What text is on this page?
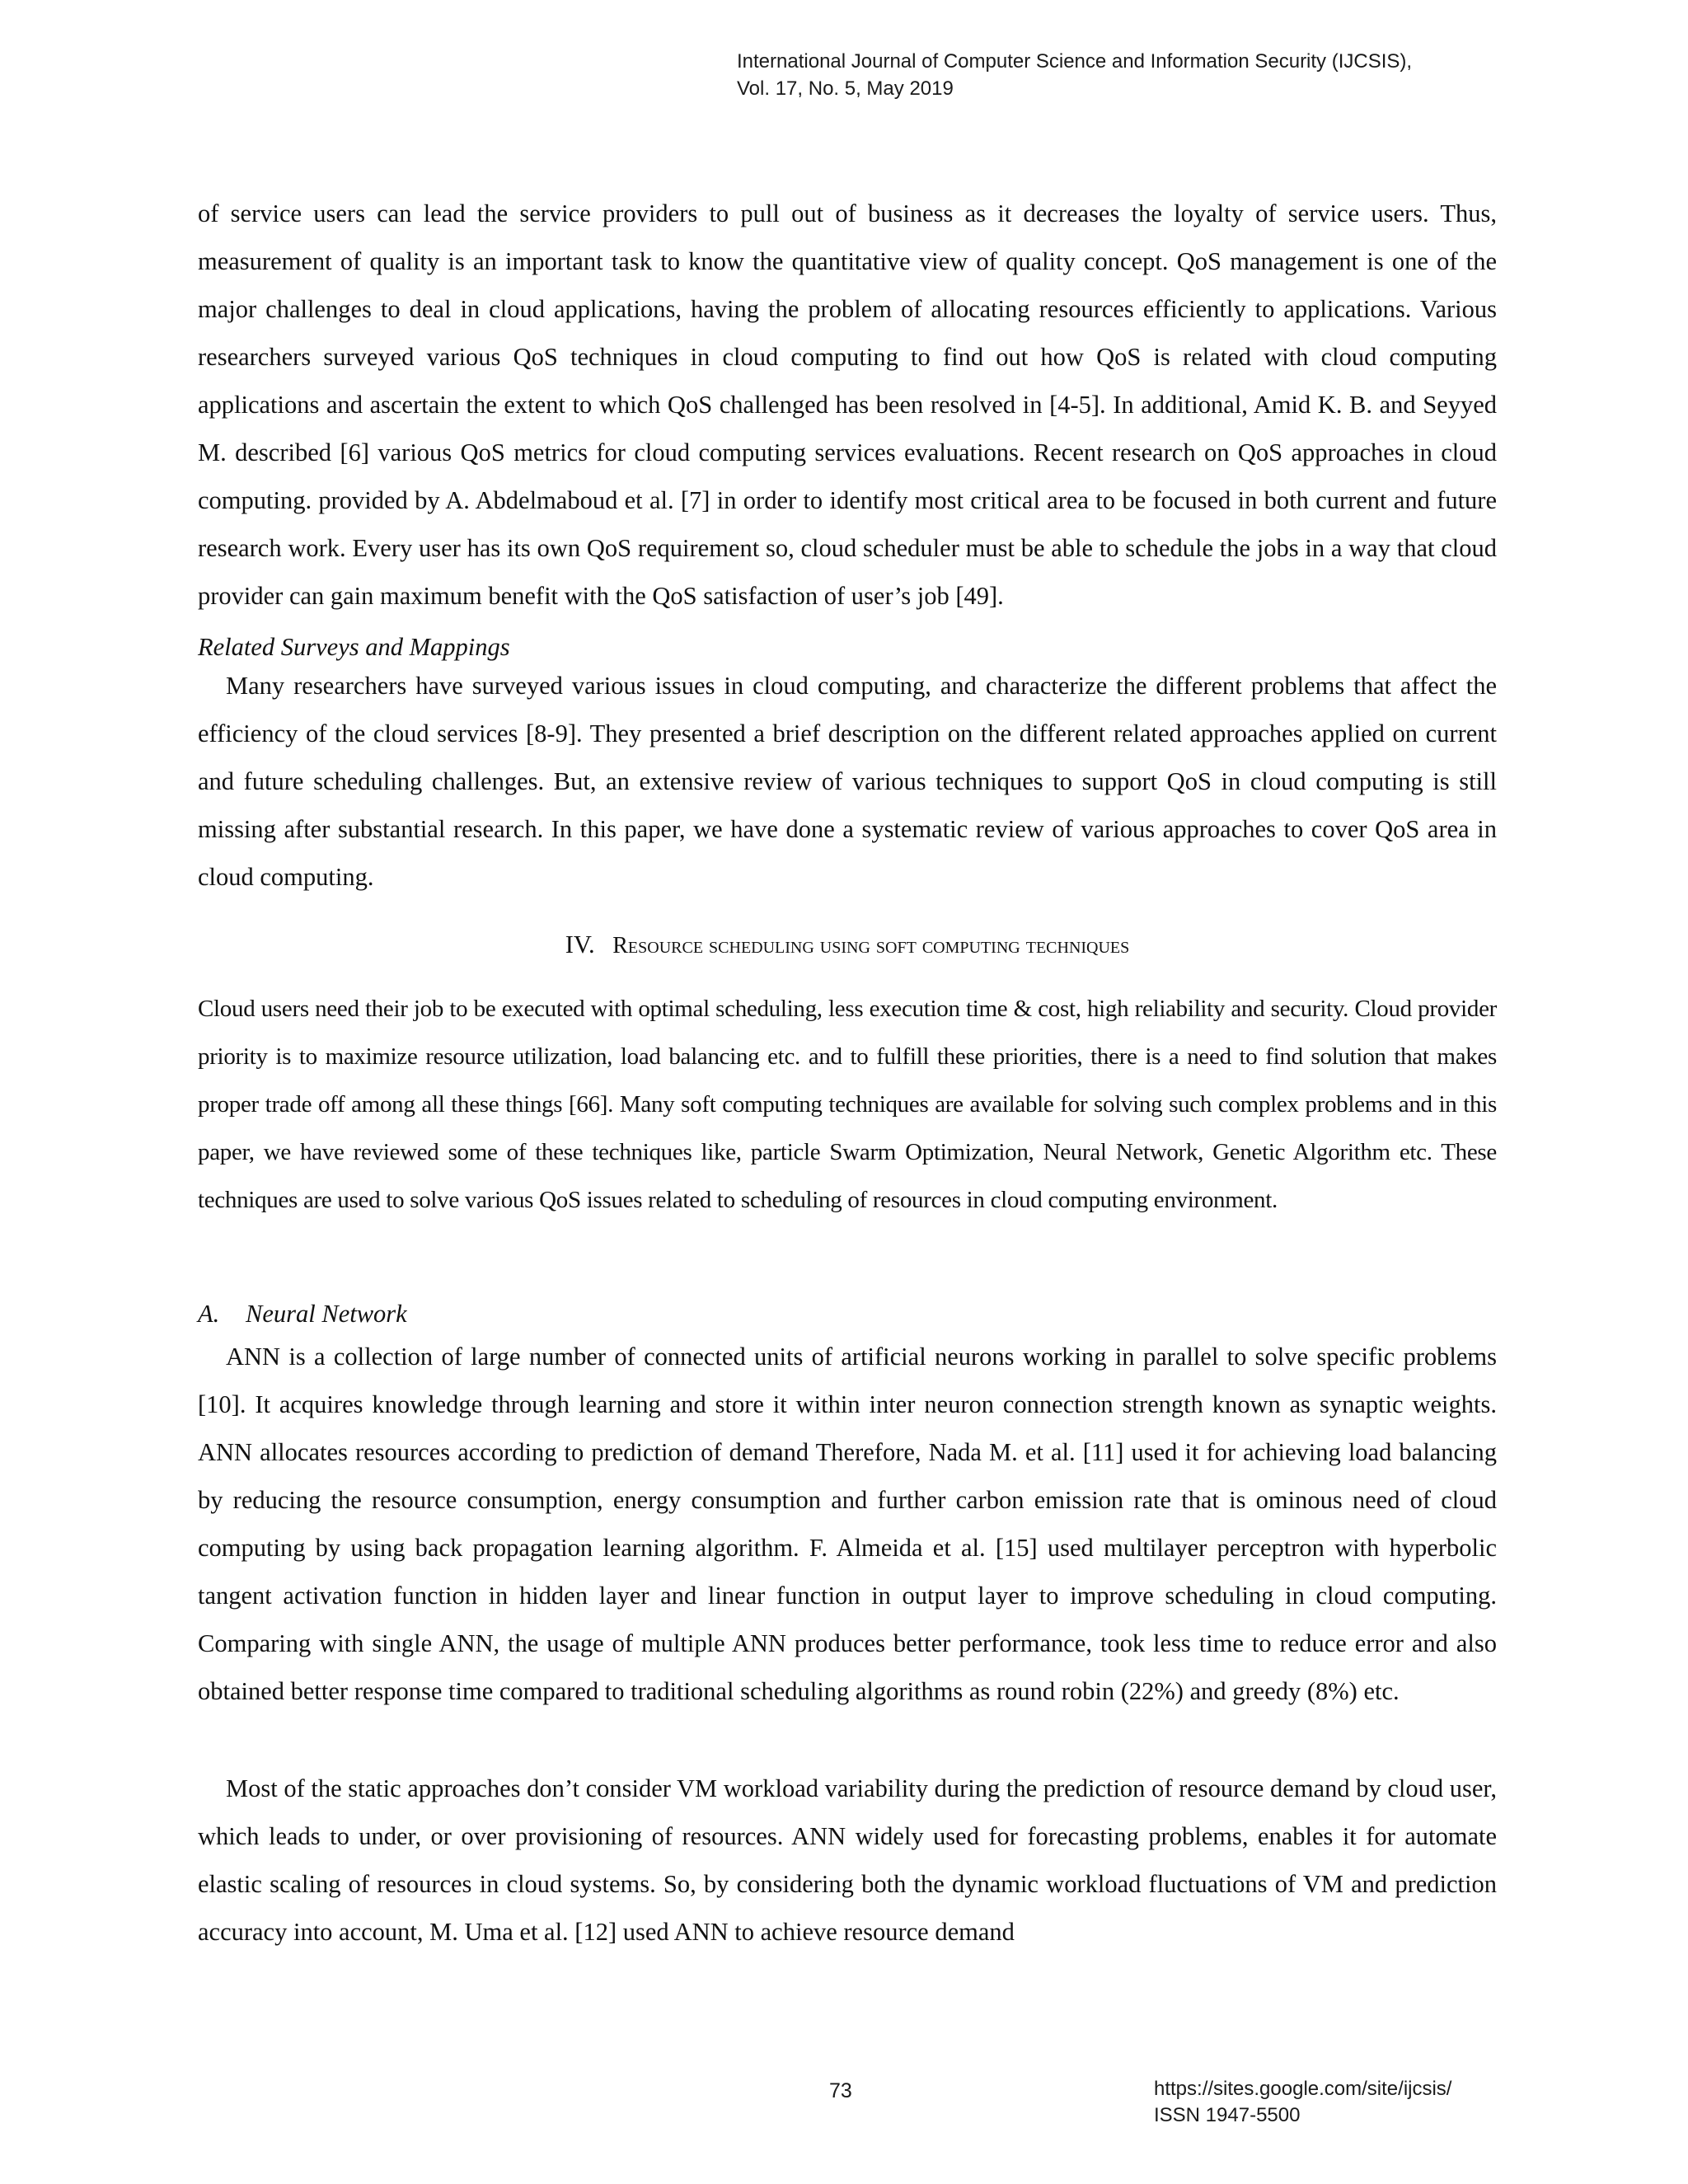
International Journal of Computer Science and Information Security (IJCSIS),
Vol. 17, No. 5, May 2019

of service users can lead the service providers to pull out of business as it decreases the loyalty of service users. Thus, measurement of quality is an important task to know the quantitative view of quality concept. QoS management is one of the major challenges to deal in cloud applications, having the problem of allocating resources efficiently to applications. Various researchers surveyed various QoS techniques in cloud computing to find out how QoS is related with cloud computing applications and ascertain the extent to which QoS challenged has been resolved in [4-5]. In additional, Amid K. B. and Seyyed M. described [6] various QoS metrics for cloud computing services evaluations. Recent research on QoS approaches in cloud computing. provided by A. Abdelmaboud et al. [7] in order to identify most critical area to be focused in both current and future research work. Every user has its own QoS requirement so, cloud scheduler must be able to schedule the jobs in a way that cloud provider can gain maximum benefit with the QoS satisfaction of user’s job [49].

Related Surveys and Mappings

Many researchers have surveyed various issues in cloud computing, and characterize the different problems that affect the efficiency of the cloud services [8-9]. They presented a brief description on the different related approaches applied on current and future scheduling challenges. But, an extensive review of various techniques to support QoS in cloud computing is still missing after substantial research. In this paper, we have done a systematic review of various approaches to cover QoS area in cloud computing.

IV. Resource scheduling using soft computing techniques

Cloud users need their job to be executed with optimal scheduling, less execution time & cost, high reliability and security. Cloud provider priority is to maximize resource utilization, load balancing etc. and to fulfill these priorities, there is a need to find solution that makes proper trade off among all these things [66]. Many soft computing techniques are available for solving such complex problems and in this paper, we have reviewed some of these techniques like, particle Swarm Optimization, Neural Network, Genetic Algorithm etc. These techniques are used to solve various QoS issues related to scheduling of resources in cloud computing environment.

A. Neural Network

ANN is a collection of large number of connected units of artificial neurons working in parallel to solve specific problems [10]. It acquires knowledge through learning and store it within inter neuron connection strength known as synaptic weights. ANN allocates resources according to prediction of demand Therefore, Nada M. et al. [11] used it for achieving load balancing by reducing the resource consumption, energy consumption and further carbon emission rate that is ominous need of cloud computing by using back propagation learning algorithm. F. Almeida et al. [15] used multilayer perceptron with hyperbolic tangent activation function in hidden layer and linear function in output layer to improve scheduling in cloud computing. Comparing with single ANN, the usage of multiple ANN produces better performance, took less time to reduce error and also obtained better response time compared to traditional scheduling algorithms as round robin (22%) and greedy (8%) etc.

Most of the static approaches don’t consider VM workload variability during the prediction of resource demand by cloud user, which leads to under, or over provisioning of resources. ANN widely used for forecasting problems, enables it for automate elastic scaling of resources in cloud systems. So, by considering both the dynamic workload fluctuations of VM and prediction accuracy into account, M. Uma et al. [12] used ANN to achieve resource demand

73	https://sites.google.com/site/ijcsis/
ISSN 1947-5500
